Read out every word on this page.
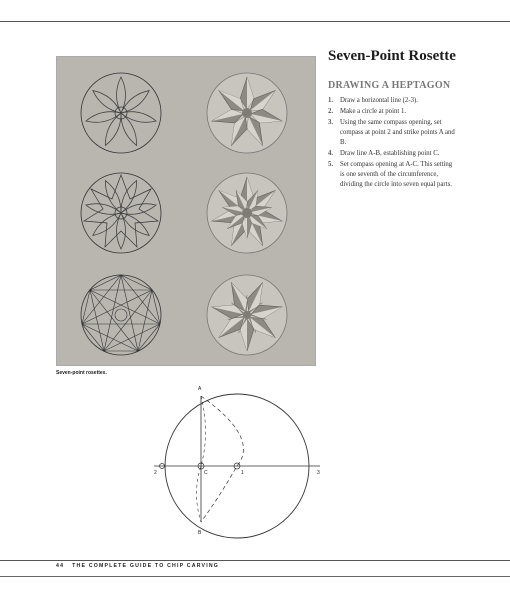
Seven-point rosettes.
Seven-Point Rosette
DRAWING A HEPTAGON
1. Draw a horizontal line (2-3).
2. Make a circle at point 1.
3. Using the same compass opening, set compass at point 2 and strike points A and B.
4. Draw line A-B, establishing point C.
5. Set compass opening at A-C. This setting is one seventh of the circumference, dividing the circle into seven equal parts.
A
B
C	1
2	3
44 THE COMPLETE GUIDE TO CHIP CARVING
